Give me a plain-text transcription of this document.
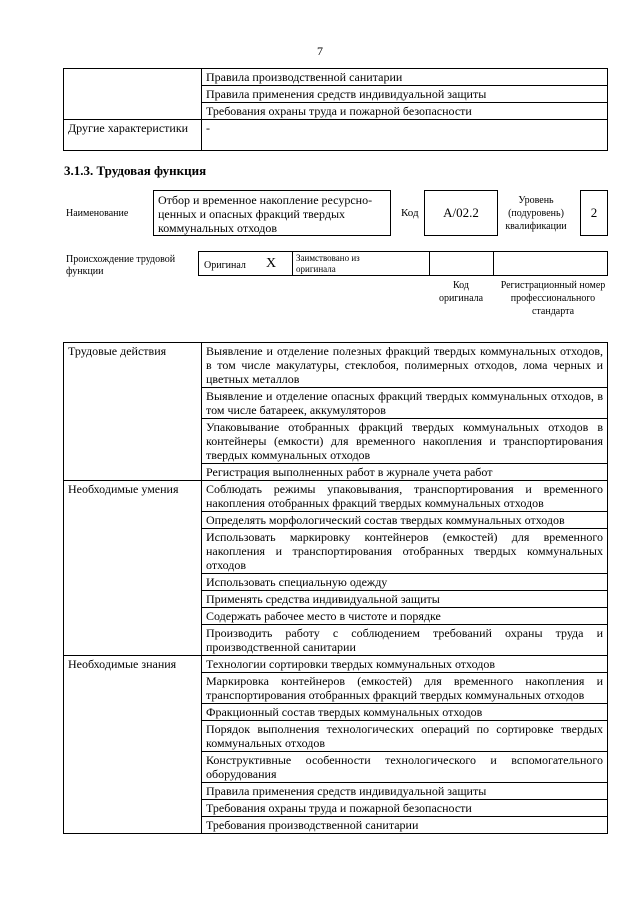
7
	Правила производственной санитарии
	Правила применения средств индивидуальной защиты
	Требования охраны труда и пожарной безопасности
Другие характеристики	-
3.1.3. Трудовая функция
Наименование
Отбор и временное накопление ресурсно-ценных и опасных фракций твердых коммунальных отходов
Код	A/02.2
Уровень (подуровень) квалификации
2
Происхождение трудовой функции
Оригинал X Заимствовано из оригинала
Код оригинала
Регистрационный номер профессионального стандарта
Трудовые действия	Выявление и отделение полезных фракций твердых коммунальных отходов, в том числе макулатуры, стеклобоя, полимерных отходов, лома черных и цветных металлов
	Выявление и отделение опасных фракций твердых коммунальных отходов, в том числе батареек, аккумуляторов
	Упаковывание отобранных фракций твердых коммунальных отходов в контейнеры (емкости) для временного накопления и транспортирования твердых коммунальных отходов
	Регистрация выполненных работ в журнале учета работ
Необходимые умения	Соблюдать режимы упаковывания, транспортирования и временного накопления отобранных фракций твердых коммунальных отходов
	Определять морфологический состав твердых коммунальных отходов
	Использовать маркировку контейнеров (емкостей) для временного накопления и транспортирования отобранных твердых коммунальных отходов
	Использовать специальную одежду
	Применять средства индивидуальной защиты
	Содержать рабочее место в чистоте и порядке
	Производить работу с соблюдением требований охраны труда и производственной санитарии
Необходимые знания	Технологии сортировки твердых коммунальных отходов
	Маркировка контейнеров (емкостей) для временного накопления и транспортирования отобранных фракций твердых коммунальных отходов
	Фракционный состав твердых коммунальных отходов
	Порядок выполнения технологических операций по сортировке твердых коммунальных отходов
	Конструктивные особенности технологического и вспомогательного оборудования
	Правила применения средств индивидуальной защиты
	Требования охраны труда и пожарной безопасности
	Требования производственной санитарии
